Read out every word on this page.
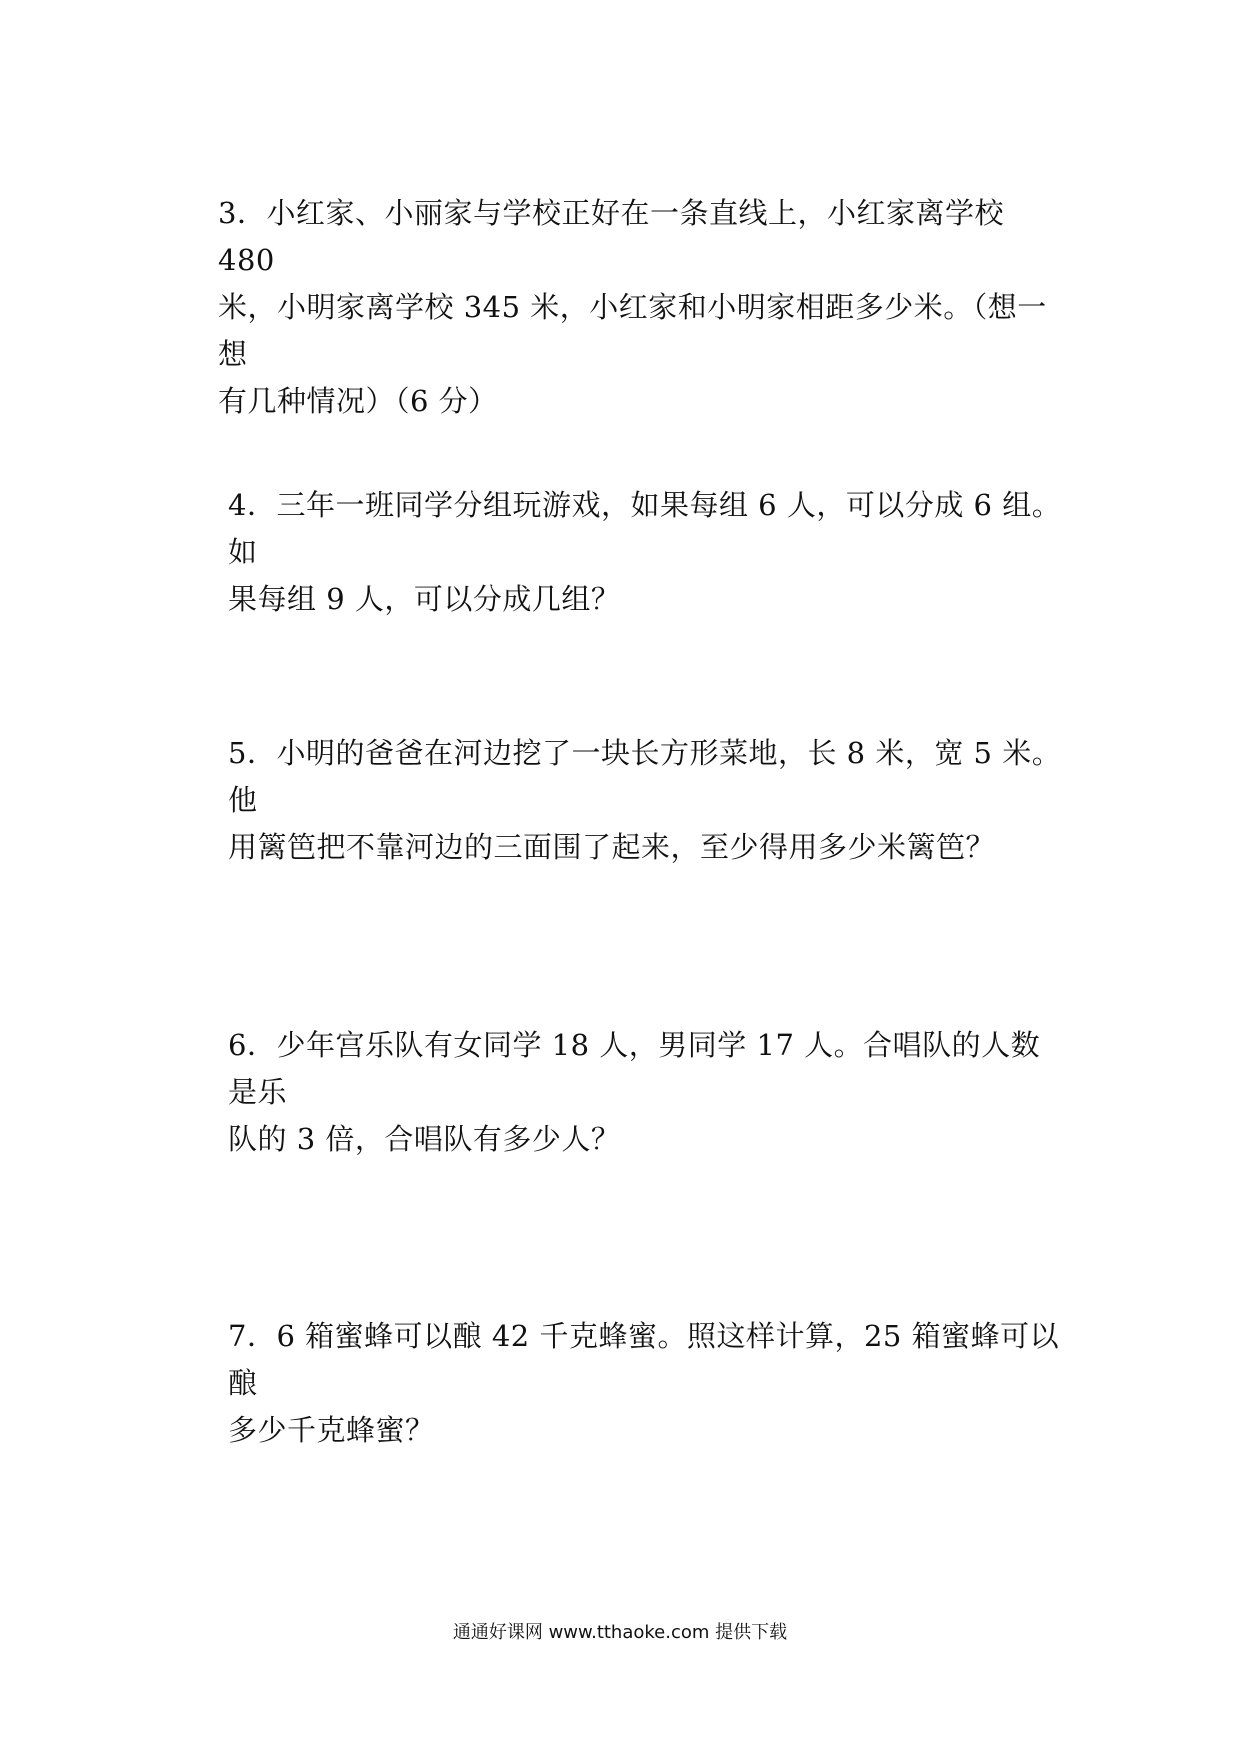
3．小红家、小丽家与学校正好在一条直线上，小红家离学校 480
米，小明家离学校 345 米，小红家和小明家相距多少米。（想一想
有几种情况）（6 分）

4．三年一班同学分组玩游戏，如果每组 6 人，可以分成 6 组。如
果每组 9 人，可以分成几组？

5．小明的爸爸在河边挖了一块长方形菜地，长 8 米，宽 5 米。他
用篱笆把不靠河边的三面围了起来，至少得用多少米篱笆？

6．少年宫乐队有女同学 18 人，男同学 17 人。合唱队的人数是乐
队的 3 倍，合唱队有多少人？

7．6 箱蜜蜂可以酿 42 千克蜂蜜。照这样计算，25 箱蜜蜂可以酿
多少千克蜂蜜？

通通好课网 www.tthaoke.com 提供下载
